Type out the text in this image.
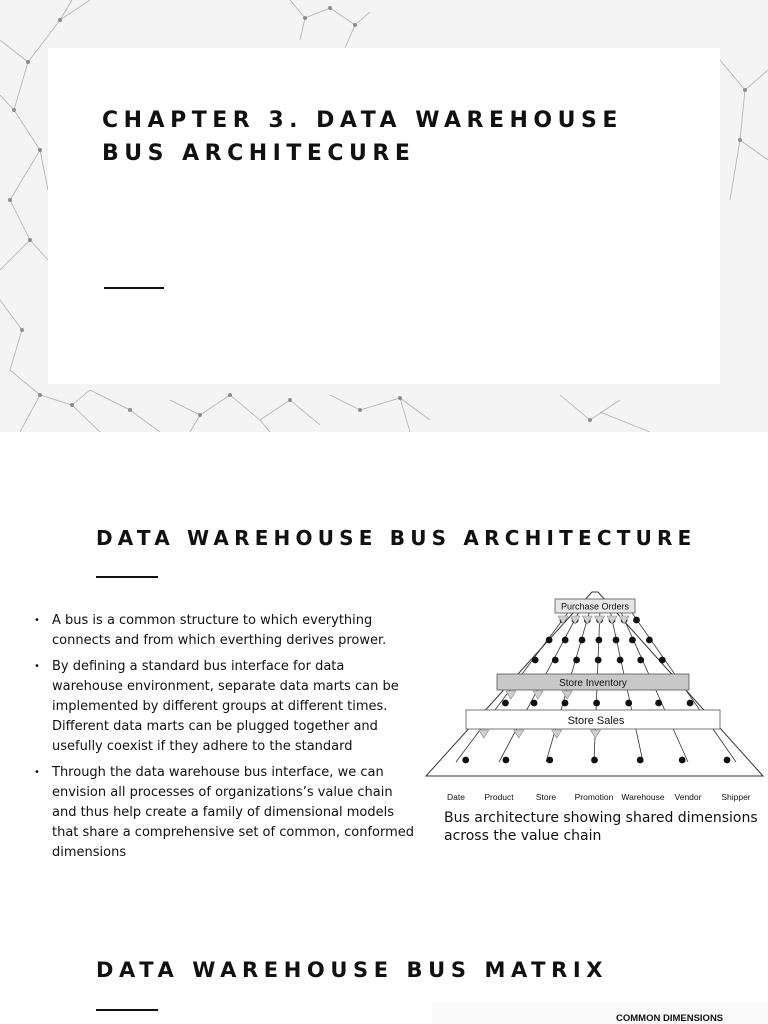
CHAPTER 3. DATA WAREHOUSE BUS ARCHITECURE
DATA WAREHOUSE BUS ARCHITECTURE
• A bus is a common structure to which everything connects and from which everthing derives prower.
• By defining a standard bus interface for data warehouse environment, separate data marts can be implemented by different groups at different times. Different data marts can be plugged together and usefully coexist if they adhere to the standard
• Through the data warehouse bus interface, we can envision all processes of organizations’s value chain and thus help create a family of dimensional models that share a comprehensive set of common, conformed dimensions
Purchase Orders
Store Inventory
Store Sales
Date Product	Store Promotion Warehouse Vendor Shipper

Bus architecture showing shared dimensions across the value chain

DATA WAREHOUSE BUS MATRIX
COMMON DIMENSIONS
